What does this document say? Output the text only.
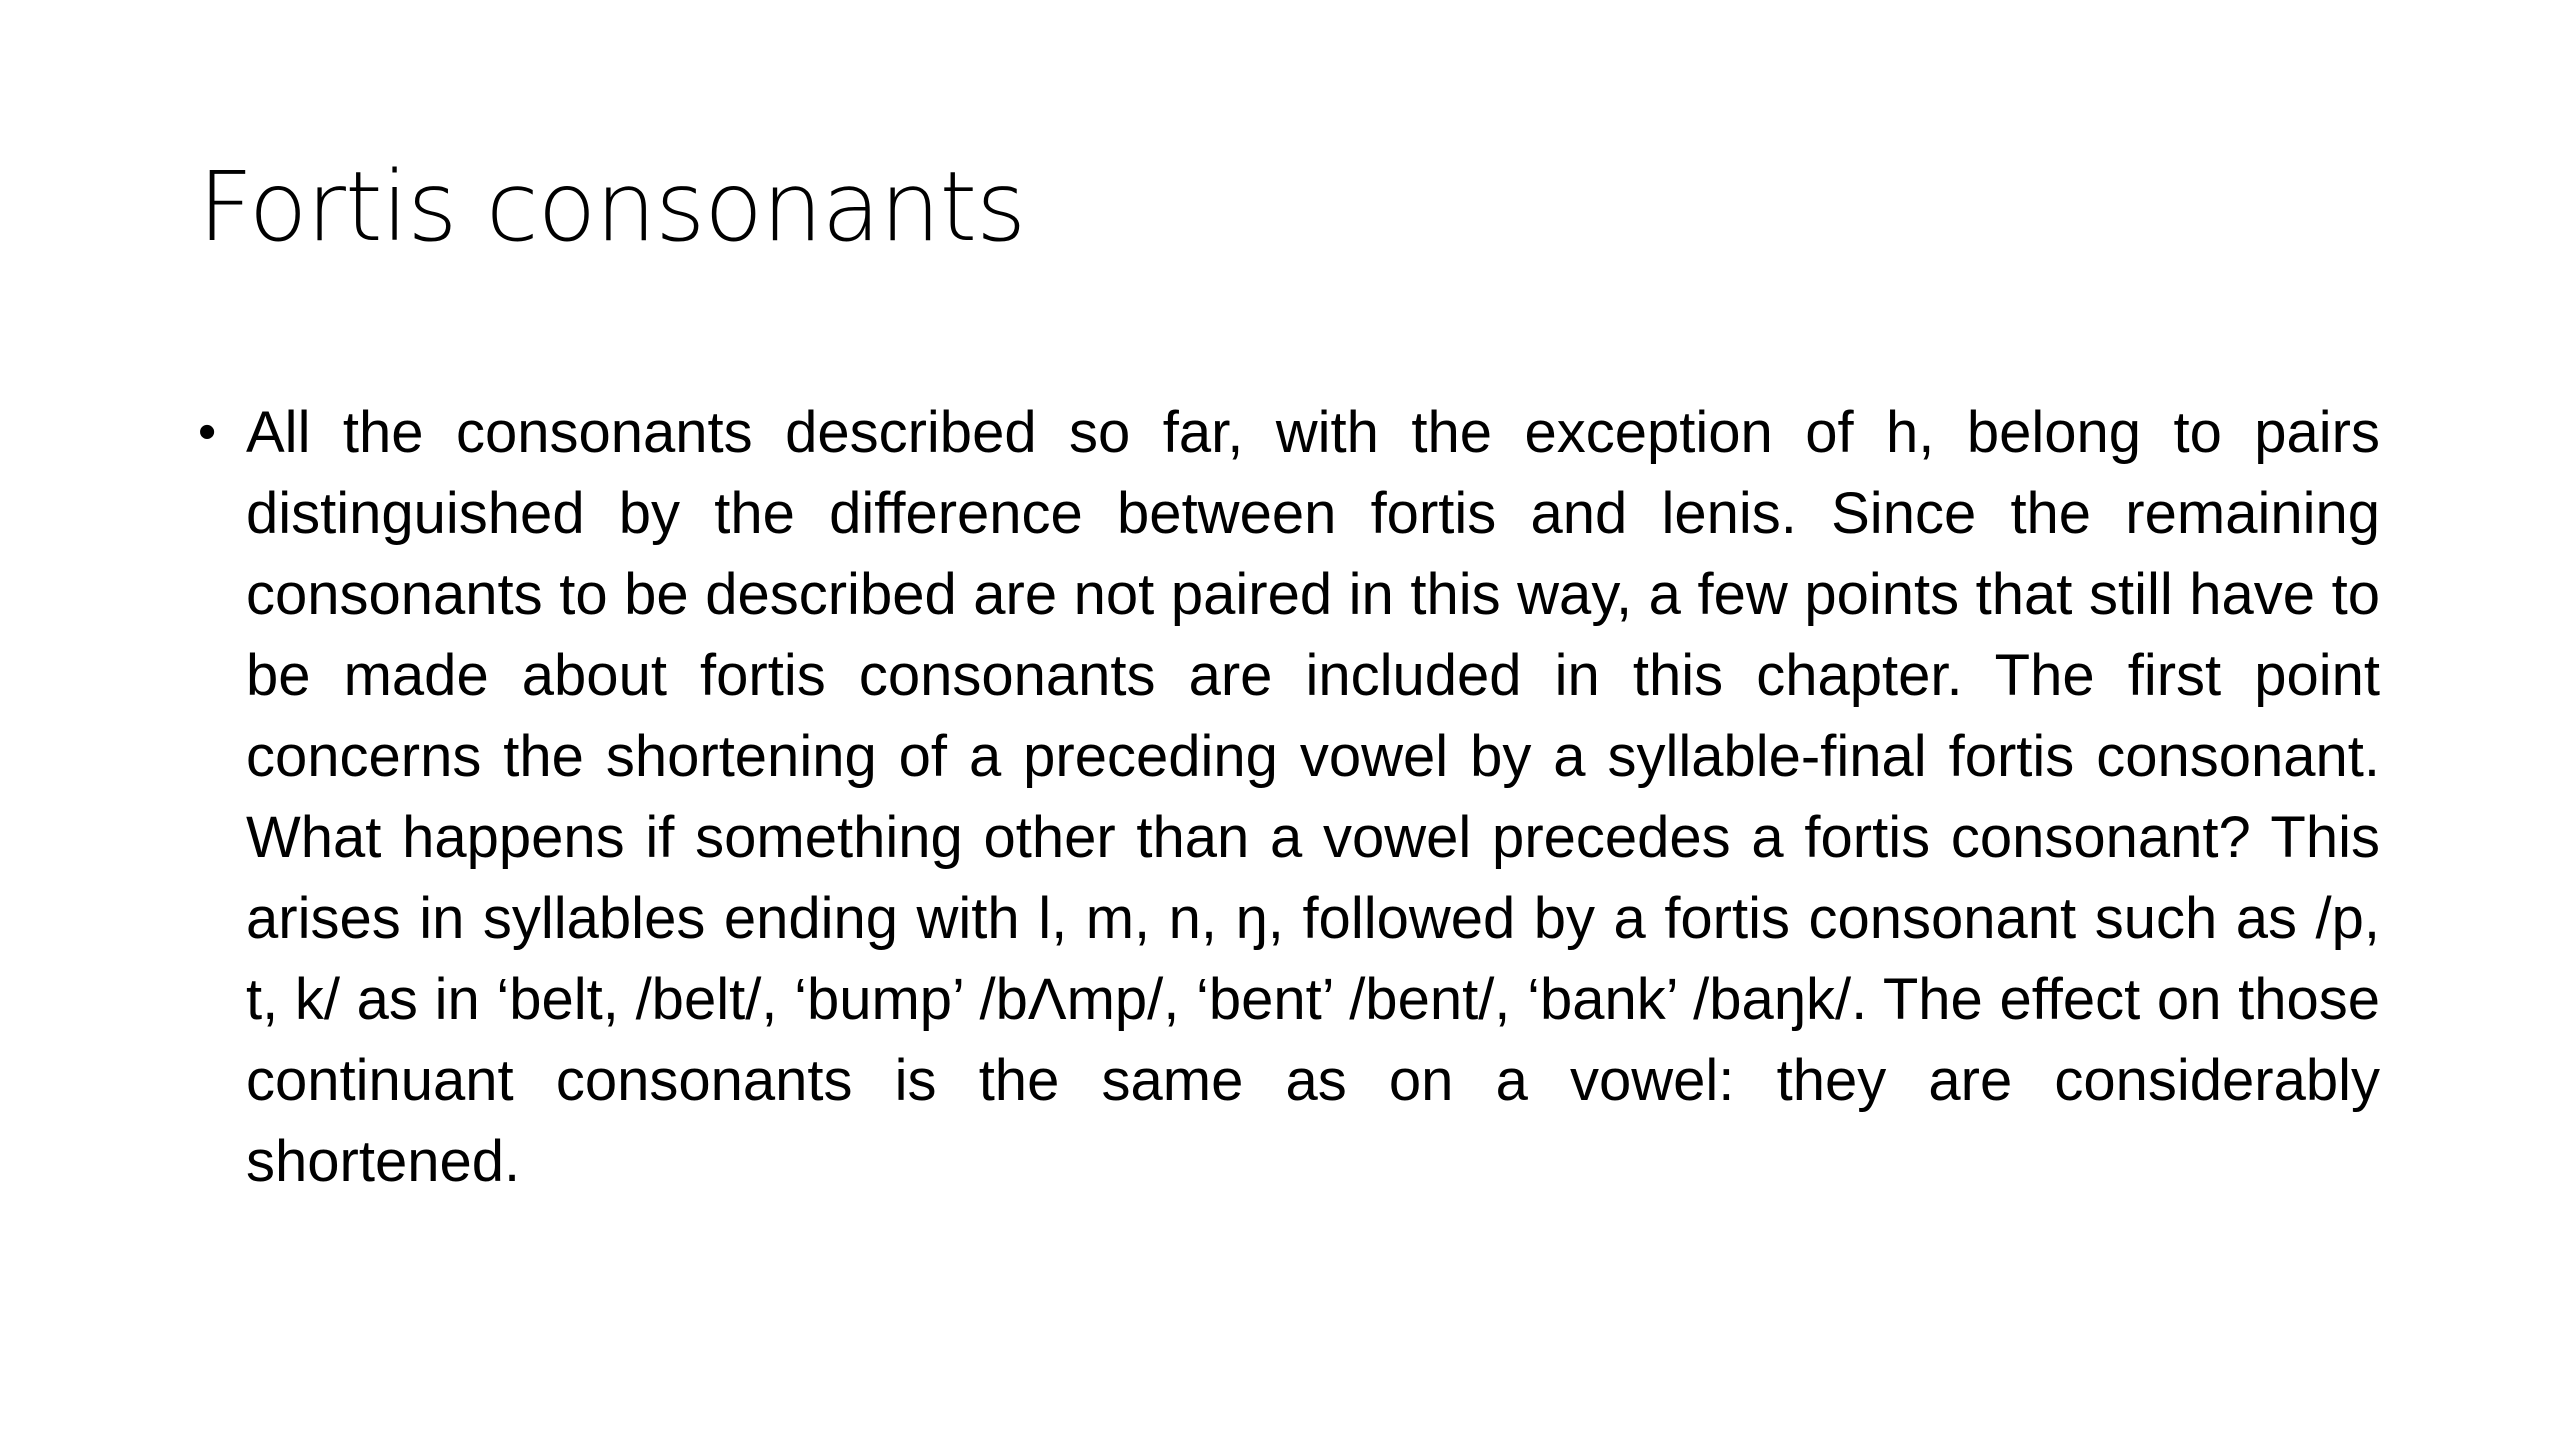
Fortis consonants
• All the consonants described so far, with the exception of h, belong to pairs distinguished by the difference between fortis and lenis. Since the remaining consonants to be described are not paired in this way, a few points that still have to be made about fortis consonants are included in this chapter. The first point concerns the shortening of a preceding vowel by a syllable-final fortis consonant. What happens if something other than a vowel precedes a fortis consonant? This arises in syllables ending with l, m, n, ŋ, followed by a fortis consonant such as /p, t, k/ as in ‘belt, /belt/, ‘bump’ /bɅmp/, ‘bent’ /bent/, ‘bank’ /baŋk/. The effect on those continuant consonants is the same as on a vowel: they are considerably shortened.
